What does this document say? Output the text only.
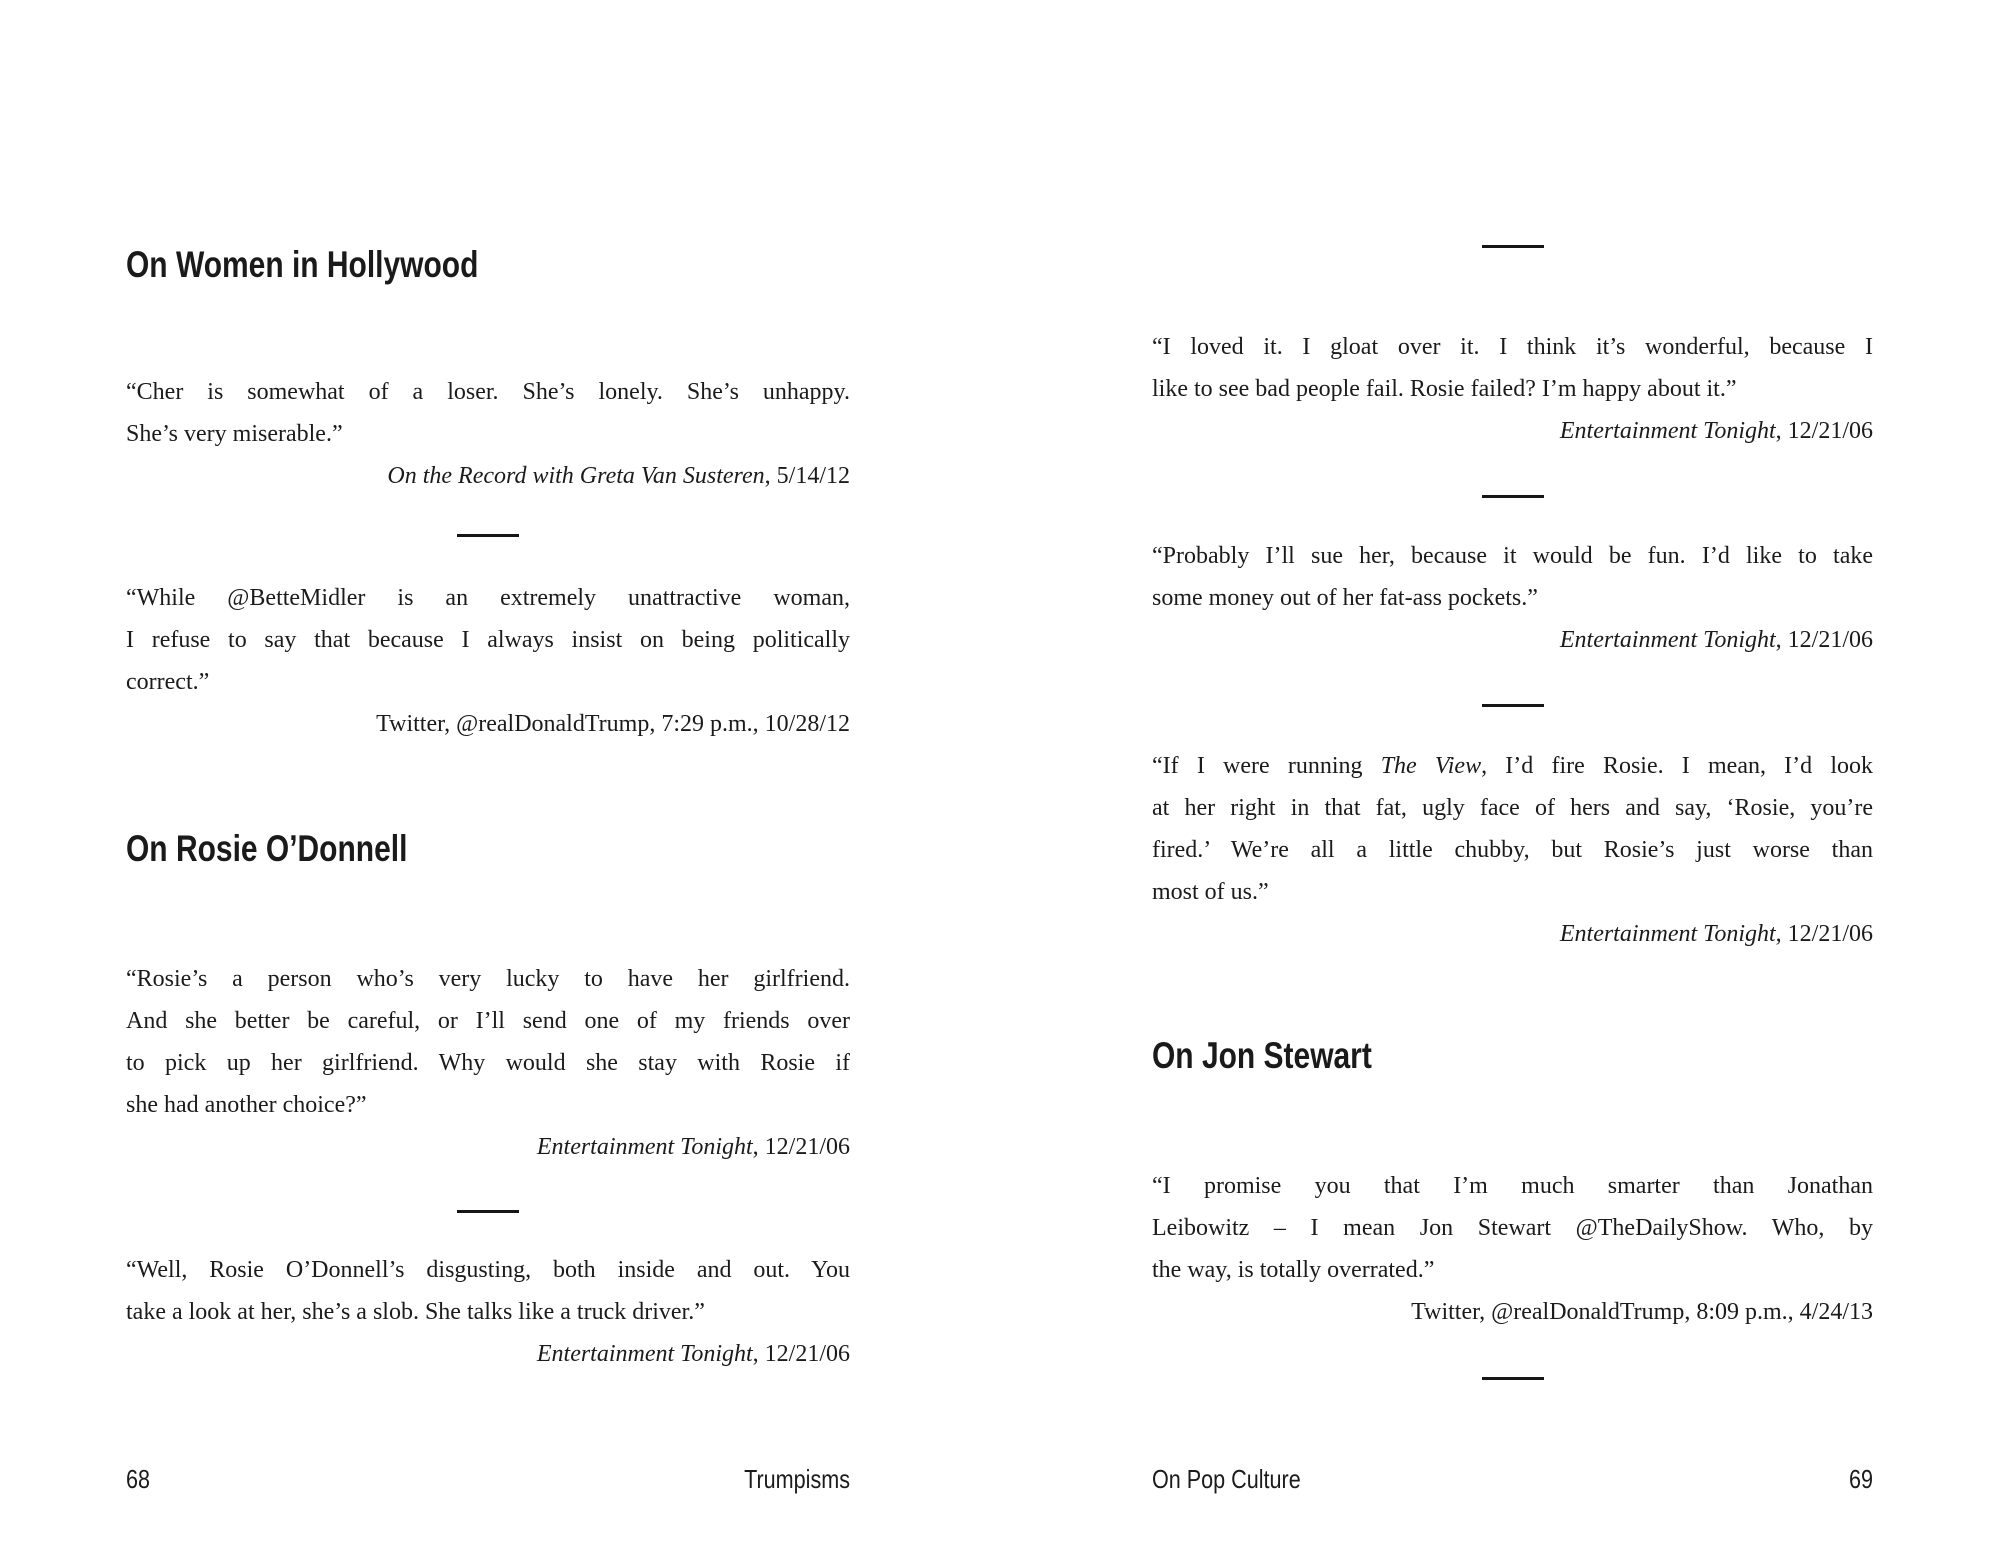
On Women in Hollywood
“Cher is somewhat of a loser. She’s lonely. She’s unhappy.
She’s very miserable.”
On the Record with Greta Van Susteren, 5/14/12
“While @BetteMidler is an extremely unattractive woman,
I refuse to say that because I always insist on being politically
correct.”
Twitter, @realDonaldTrump, 7:29 p.m., 10/28/12
On Rosie O’Donnell
“Rosie’s a person who’s very lucky to have her girlfriend.
And she better be careful, or I’ll send one of my friends over
to pick up her girlfriend. Why would she stay with Rosie if
she had another choice?”
Entertainment Tonight, 12/21/06
“Well, Rosie O’Donnell’s disgusting, both inside and out. You
take a look at her, she’s a slob. She talks like a truck driver.”
Entertainment Tonight, 12/21/06
68	Trumpisms
“I loved it. I gloat over it. I think it’s wonderful, because I
like to see bad people fail. Rosie failed? I’m happy about it.”
Entertainment Tonight, 12/21/06
“Probably I’ll sue her, because it would be fun. I’d like to take
some money out of her fat-ass pockets.”
Entertainment Tonight, 12/21/06
“If I were running The View, I’d fire Rosie. I mean, I’d look
at her right in that fat, ugly face of hers and say, ‘Rosie, you’re
fired.’ We’re all a little chubby, but Rosie’s just worse than
most of us.”
Entertainment Tonight, 12/21/06
On Jon Stewart
“I promise you that I’m much smarter than Jonathan
Leibowitz – I mean Jon Stewart @TheDailyShow. Who, by
the way, is totally overrated.”
Twitter, @realDonaldTrump, 8:09 p.m., 4/24/13
On Pop Culture	69
